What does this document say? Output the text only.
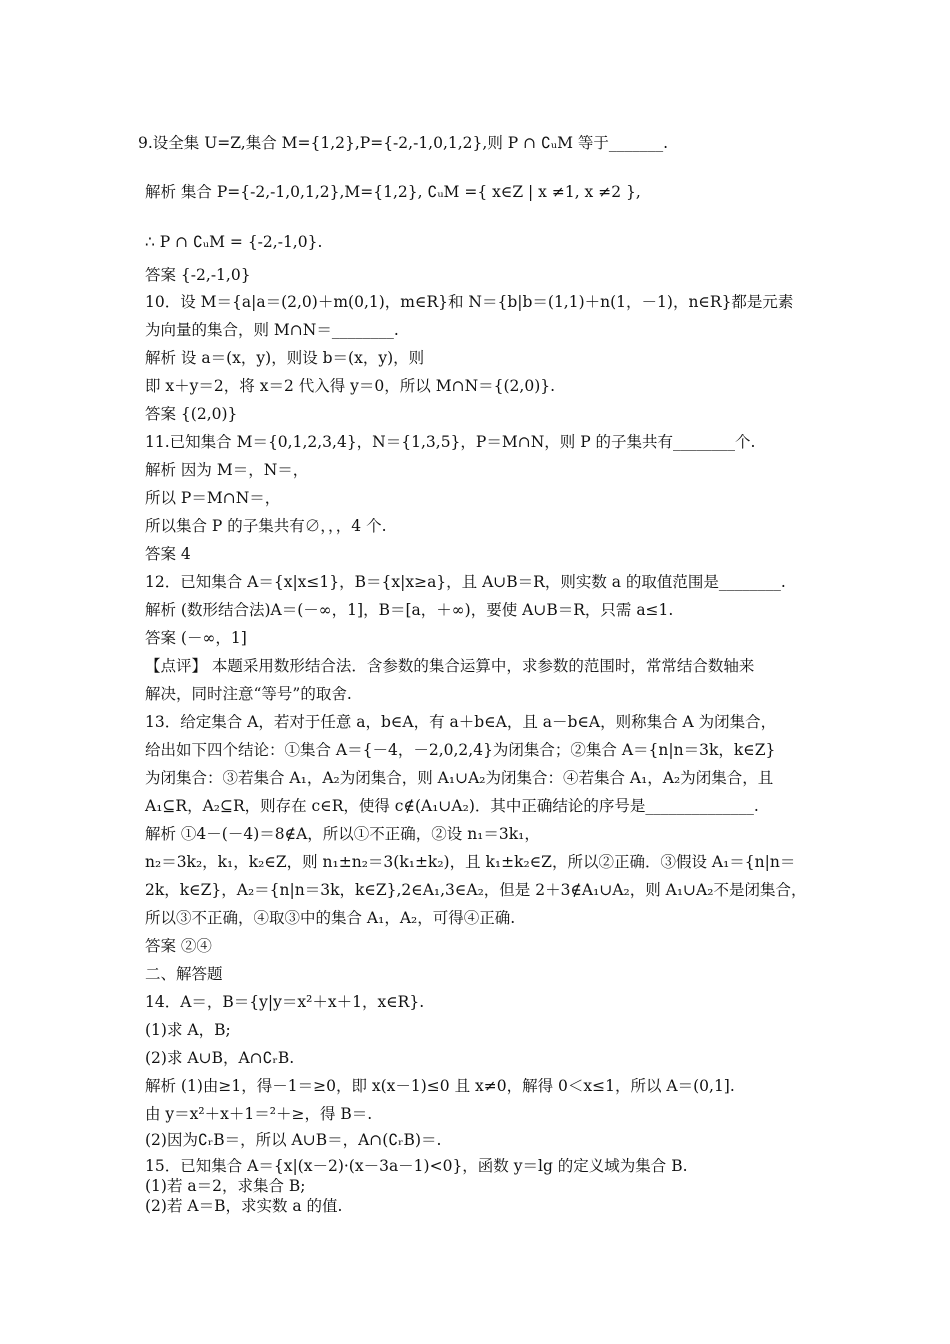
9.设全集 U=Z,集合 M={1,2},P={-2,-1,0,1,2},则 P ∩ ∁ᵤM 等于_______.
解析 集合 P={-2,-1,0,1,2},M={1,2}, ∁ᵤM ={ x∈Z | x ≠1, x ≠2 },
∴ P ∩ ∁ᵤM = {-2,-1,0}.
答案 {-2,-1,0}
10．设 M＝{a|a＝(2,0)＋m(0,1)，m∈R}和 N＝{b|b＝(1,1)＋n(1，－1)，n∈R}都是元素
为向量的集合，则 M∩N＝________.
解析 设 a＝(x，y)，则设 b＝(x，y)，则
即 x＋y＝2，将 x＝2 代入得 y＝0，所以 M∩N＝{(2,0)}.
答案 {(2,0)}
11.已知集合 M＝{0,1,2,3,4}，N＝{1,3,5}，P＝M∩N，则 P 的子集共有________个.
解析 因为 M＝，N＝，
所以 P＝M∩N＝，
所以集合 P 的子集共有∅，，，4 个.
答案 4
12．已知集合 A＝{x|x≤1}，B＝{x|x≥a}，且 A∪B＝R，则实数 a 的取值范围是________.
解析 (数形结合法)A＝(－∞，1]，B＝[a，＋∞)，要使 A∪B＝R，只需 a≤1.
答案 (－∞，1]
【点评】 本题采用数形结合法．含参数的集合运算中，求参数的范围时，常常结合数轴来
解决，同时注意“等号”的取舍.
13．给定集合 A，若对于任意 a，b∈A，有 a＋b∈A，且 a－b∈A，则称集合 A 为闭集合，
给出如下四个结论：①集合 A＝{－4，－2,0,2,4}为闭集合；②集合 A＝{n|n＝3k，k∈Z}
为闭集合：③若集合 A₁，A₂为闭集合，则 A₁∪A₂为闭集合：④若集合 A₁，A₂为闭集合，且
A₁⊆R，A₂⊆R，则存在 c∈R，使得 c∉(A₁∪A₂)．其中正确结论的序号是______________.
解析 ①4－(－4)＝8∉A，所以①不正确，②设 n₁＝3k₁，
n₂＝3k₂，k₁，k₂∈Z，则 n₁±n₂＝3(k₁±k₂)，且 k₁±k₂∈Z，所以②正确．③假设 A₁＝{n|n＝
2k，k∈Z}，A₂＝{n|n＝3k，k∈Z},2∈A₁,3∈A₂，但是 2＋3∉A₁∪A₂，则 A₁∪A₂不是闭集合，
所以③不正确，④取③中的集合 A₁，A₂，可得④正确.
答案 ②④
二、解答题
14．A＝，B＝{y|y＝x²＋x＋1，x∈R}.
(1)求 A，B;
(2)求 A∪B，A∩∁ᵣB.
解析 (1)由≥1，得－1＝≥0，即 x(x－1)≤0 且 x≠0，解得 0＜x≤1，所以 A＝(0,1].
由 y＝x²＋x＋1＝²＋≥，得 B＝.
(2)因为∁ᵣB＝，所以 A∪B＝，A∩(∁ᵣB)＝.
15．已知集合 A＝{x|(x－2)·(x－3a－1)<0}，函数 y＝lg 的定义域为集合 B.
(1)若 a＝2，求集合 B;
(2)若 A＝B，求实数 a 的值.
